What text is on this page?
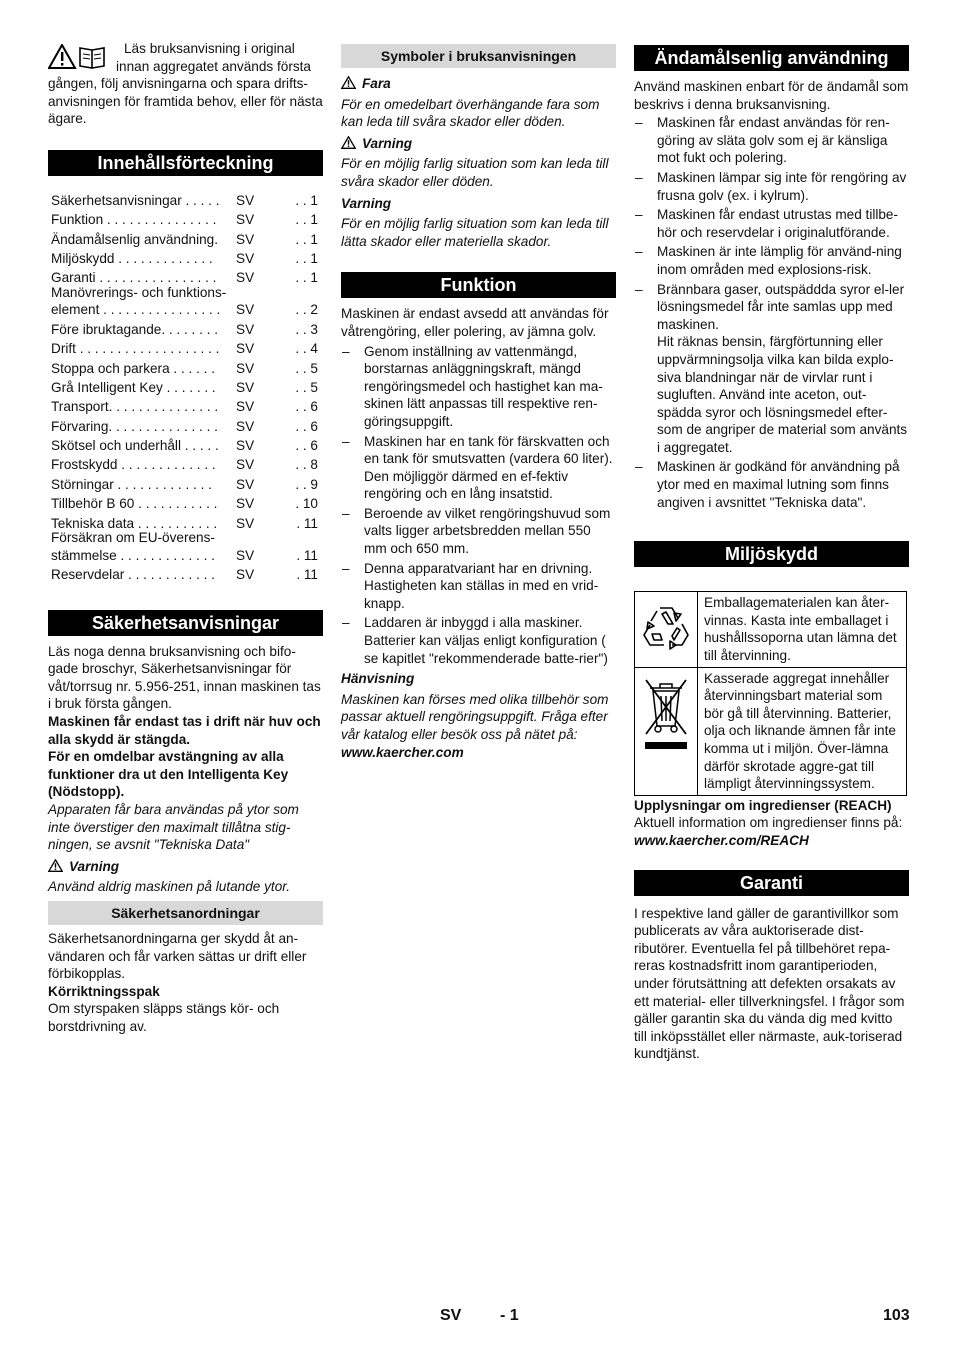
Läs bruksanvisning i original innan aggregatet används första gången, följ anvisningarna och spara drifts-anvisningen för framtida behov, eller för nästa ägare.

Innehållsförteckning
Säkerhetsanvisningar . . . . .	SV	. . 1
Funktion . . . . . . . . . . . . . . .	SV	. . 1
Ändamålsenlig användning.	SV	. . 1
Miljöskydd . . . . . . . . . . . . .	SV	. . 1
Garanti . . . . . . . . . . . . . . . .	SV	. . 1
Manövrerings- och funktions-
element . . . . . . . . . . . . . . . .	SV	. . 2
Före ibruktagande. . . . . . . .	SV	. . 3
Drift . . . . . . . . . . . . . . . . . . .	SV	. . 4
Stoppa och parkera . . . . . .	SV	. . 5
Grå Intelligent Key . . . . . . .	SV	. . 5
Transport. . . . . . . . . . . . . . .	SV	. . 6
Förvaring. . . . . . . . . . . . . . .	SV	. . 6
Skötsel och underhåll . . . . .	SV	. . 6
Frostskydd . . . . . . . . . . . . .	SV	. . 8
Störningar . . . . . . . . . . . . .	SV	. . 9
Tillbehör B 60 . . . . . . . . . . .	SV	. 10
Tekniska data . . . . . . . . . . .	SV	. 11
Försäkran om EU-överens-
stämmelse . . . . . . . . . . . . .	SV	. 11
Reservdelar . . . . . . . . . . . .	SV	. 11
Säkerhetsanvisningar

Läs noga denna bruksanvisning och bifo-gade broschyr, Säkerhetsanvisningar för våt/torrsug nr. 5.956-251, innan maskinen tas i bruk första gången.

Maskinen får endast tas i drift när huv och alla skydd är stängda.

För en omdelbar avstängning av alla funktioner dra ut den Intelligenta Key (Nödstopp).

Apparaten får bara användas på ytor som inte överstiger den maximalt tillåtna stig-ningen, se avsnit "Tekniska Data"

Varning

Använd aldrig maskinen på lutande ytor.

Säkerhetsanordningar

Säkerhetsanordningarna ger skydd åt an-vändaren och får varken sättas ur drift eller förbikopplas.

Körriktningsspak

Om styrspaken släpps stängs kör- och borstdrivning av.

Symboler i bruksanvisningen

Fara

För en omedelbart överhängande fara som kan leda till svåra skador eller döden.

Varning

För en möjlig farlig situation som kan leda till svåra skador eller döden.

Varning

För en möjlig farlig situation som kan leda till lätta skador eller materiella skador.

Funktion

Maskinen är endast avsedd att användas för våtrengöring, eller polering, av jämna golv.

– Genom inställning av vattenmängd, borstarnas anläggningskraft, mängd rengöringsmedel och hastighet kan ma-skinen lätt anpassas till respektive ren-göringsuppgift.
– Maskinen har en tank för färskvatten och en tank för smutsvatten (vardera 60 liter). Den möjliggör därmed en ef-fektiv rengöring och en lång insatstid.
– Beroende av vilket rengöringshuvud som valts ligger arbetsbredden mellan 550 mm och 650 mm.
– Denna apparatvariant har en drivning. Hastigheten kan ställas in med en vrid-knapp.
– Laddaren är inbyggd i alla maskiner. Batterier kan väljas enligt konfiguration ( se kapitlet "rekommenderade batte-rier")

Hänvisning

Maskinen kan förses med olika tillbehör som passar aktuell rengöringsuppgift. Fråga efter vår katalog eller besök oss på nätet på:

www.kaercher.com

Ändamålsenlig användning

Använd maskinen enbart för de ändamål som beskrivs i denna bruksanvisning.

– Maskinen får endast användas för ren-göring av släta golv som ej är känsliga mot fukt och polering.
– Maskinen lämpar sig inte för rengöring av frusna golv (ex. i kylrum).
– Maskinen får endast utrustas med tillbe-hör och reservdelar i originalutförande.
– Maskinen är inte lämplig för använd-ning inom områden med explosions-risk.
– Brännbara gaser, outspäddda syror el-ler lösningsmedel får inte samlas upp med maskinen.
Hit räknas bensin, färgförtunning eller uppvärmningsolja vilka kan bilda explo-siva blandningar när de virvlar runt i sugluften. Använd inte aceton, out-spädda syror och lösningsmedel efter-som de angriper de material som använts i aggregatet.
– Maskinen är godkänd för användning på ytor med en maximal lutning som finns angiven i avsnittet "Tekniska data".
Miljöskydd
Emballagematerialen kan åter-vinnas. Kasta inte emballaget i hushållssoporna utan lämna det till återvinning.
Kasserade aggregat innehåller återvinningsbart material som bör gå till återvinning. Batterier, olja och liknande ämnen får inte komma ut i miljön. Över-lämna därför skrotade aggre-gat till lämpligt återvinningssystem.

Upplysningar om ingredienser (REACH)

Aktuell information om ingredienser finns på:

www.kaercher.com/REACH

Garanti

I respektive land gäller de garantivillkor som publicerats av våra auktoriserade dist-ributörer. Eventuella fel på tillbehöret repa-reras kostnadsfritt inom garantiperioden, under förutsättning att defekten orsakats av ett material- eller tillverkningsfel. I frågor som gäller garantin ska du vända dig med kvitto till inköpsstället eller närmaste, auk-toriserad kundtjänst.

SV - 1	103
